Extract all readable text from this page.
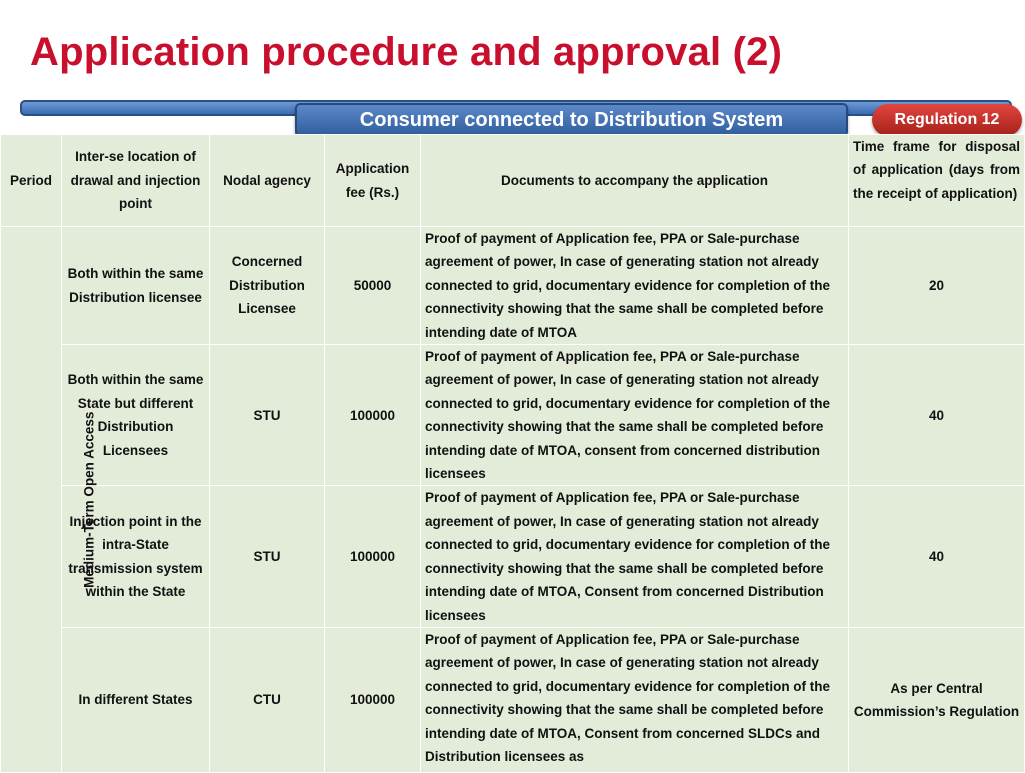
Application procedure and approval (2)
Consumer connected to Distribution System	Regulation 12
Period	Inter-se location of drawal and injection point	Nodal agency	Application fee (Rs.)	Documents to accompany the application	Time frame for disposal of application (days from the receipt of application)
Medium-Term Open Access	Both within the same Distribution licensee	Concerned Distribution Licensee	50000	Proof of payment of Application fee, PPA or Sale-purchase agreement of power, In case of generating station not already connected to grid, documentary evidence for completion of the connectivity showing that the same shall be completed before intending date of MTOA	20
	Both within the same State but different Distribution Licensees	STU	100000	Proof of payment of Application fee, PPA or Sale-purchase agreement of power, In case of generating station not already connected to grid, documentary evidence for completion of the connectivity showing that the same shall be completed before intending date of MTOA, consent from concerned distribution licensees	40
	Injection point in the intra-State transmission system within the State	STU	100000	Proof of payment of Application fee, PPA or Sale-purchase agreement of power, In case of generating station not already connected to grid, documentary evidence for completion of the connectivity showing that the same shall be completed before intending date of MTOA, Consent from concerned Distribution licensees	40
	In different States	CTU	100000	Proof of payment of Application fee, PPA or Sale-purchase agreement of power, In case of generating station not already connected to grid, documentary evidence for completion of the connectivity showing that the same shall be completed before intending date of MTOA, Consent from concerned SLDCs and Distribution licensees as	As per Central Commission’s Regulation
